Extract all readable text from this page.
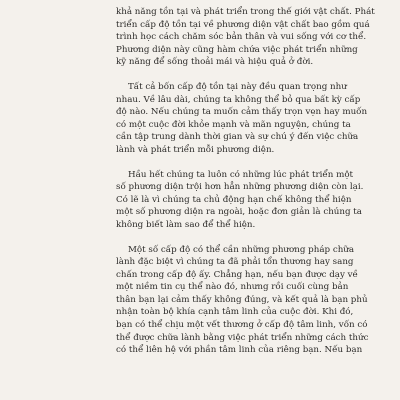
khả năng tồn tại và phát triển trong thế giới vật chất. Phát
triển cấp độ tồn tại về phương diện vật chất bao gồm quá
trình học cách chăm sóc bản thân và vui sống với cơ thể.
Phương diện này cũng hàm chứa việc phát triển những
kỹ năng để sống thoải mái và hiệu quả ở đời.

Tất cả bốn cấp độ tồn tại này đều quan trọng như
nhau. Về lâu dài, chúng ta không thể bỏ qua bất kỳ cấp
độ nào. Nếu chúng ta muốn cảm thấy trọn vẹn hay muốn
có một cuộc đời khỏe mạnh và mãn nguyện, chúng ta
cần tập trung dành thời gian và sự chú ý đến việc chữa
lành và phát triển mỗi phương diện.

Hầu hết chúng ta luôn có những lúc phát triển một
số phương diện trội hơn hẳn những phương diện còn lại.
Có lẽ là vì chúng ta chủ động hạn chế không thể hiện
một số phương diện ra ngoài, hoặc đơn giản là chúng ta
không biết làm sao để thể hiện.

Một số cấp độ có thể cần những phương pháp chữa
lành đặc biệt vì chúng ta đã phải tổn thương hay sang
chấn trong cấp độ ấy. Chẳng hạn, nếu bạn được dạy về
một niềm tin cụ thể nào đó, nhưng rồi cuối cùng bản
thân bạn lại cảm thấy không đúng, và kết quả là bạn phủ
nhận toàn bộ khía cạnh tâm linh của cuộc đời. Khi đó,
bạn có thể chịu một vết thương ở cấp độ tâm linh, vốn có
thể được chữa lành bằng việc phát triển những cách thức
có thể liên hệ với phần tâm linh của riêng bạn. Nếu bạn
